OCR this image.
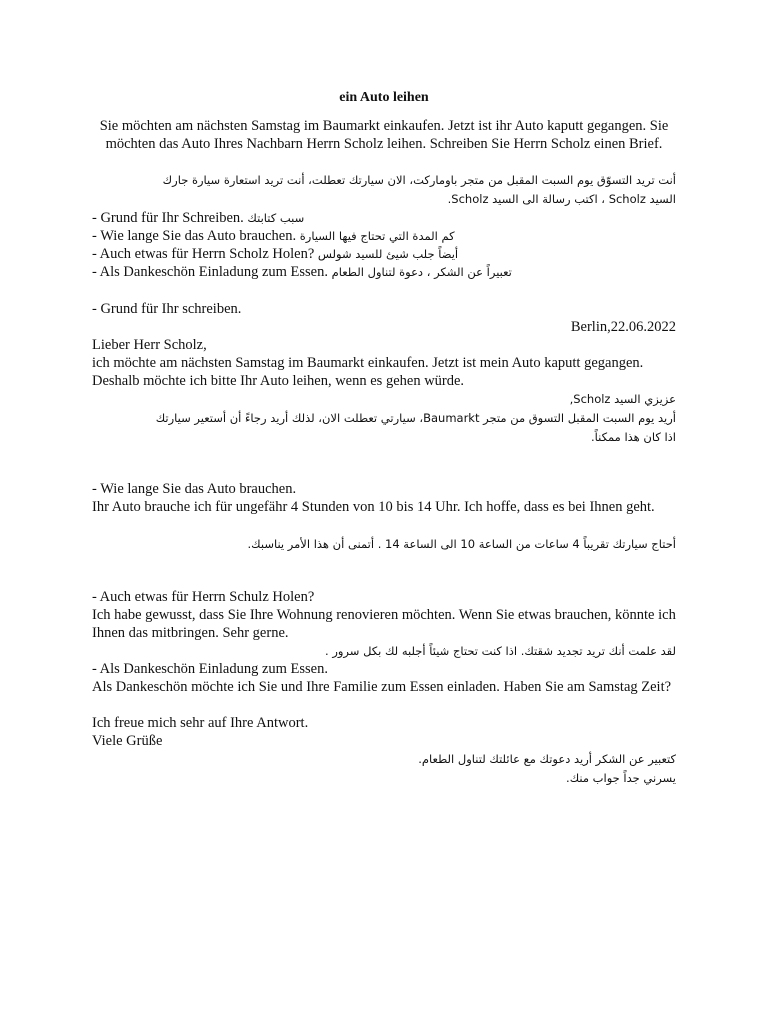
ein Auto leihen
Sie möchten am nächsten Samstag im Baumarkt einkaufen. Jetzt ist ihr Auto kaputt gegangen. Sie möchten das Auto Ihres Nachbarn Herrn Scholz leihen. Schreiben Sie Herrn Scholz einen Brief.
أنت تريد التسوّق يوم السبت المقبل من متجر باوماركت، الان سيارتك تعطلت، أنت تريد استعارة سيارة جارك
السيد Scholz ، اكتب رسالة الى السيد Scholz.
- Grund für Ihr Schreiben. سبب كتابتك
- Wie lange Sie das Auto brauchen. كم المدة التي تحتاج فيها السيارة
- Auch etwas für Herrn Scholz Holen? أيضاً جلب شيئ للسيد شولس
- Als Dankeschön Einladung zum Essen. تعبيراً عن الشكر ، دعوة لتناول الطعام
- Grund für Ihr schreiben.
Berlin,22.06.2022
Lieber Herr Scholz,
ich möchte am nächsten Samstag im Baumarkt einkaufen. Jetzt ist mein Auto kaputt gegangen. Deshalb möchte ich bitte Ihr Auto leihen, wenn es gehen würde.
عزيزي السيد Scholz,
أريد يوم السبت المقبل التسوق من متجر Baumarkt، سيارتي تعطلت الان، لذلك أريد رجاءً أن أستعير سيارتك
اذا كان هذا ممكناً.
- Wie lange Sie das Auto brauchen.
Ihr Auto brauche ich für ungefähr 4 Stunden von 10 bis 14 Uhr. Ich hoffe, dass es bei Ihnen geht.
أحتاج سيارتك تقريباً 4 ساعات من الساعة 10 الى الساعة 14 . أتمنى أن هذا الأمر يناسبك.
- Auch etwas für Herrn Schulz Holen?
Ich habe gewusst, dass Sie Ihre Wohnung renovieren möchten. Wenn Sie etwas brauchen, könnte ich Ihnen das mitbringen. Sehr gerne.
لقد علمت أنك تريد تجديد شقتك. اذا كنت تحتاج شيئاً أجلبه لك بكل سرور .
- Als Dankeschön Einladung zum Essen.
Als Dankeschön möchte ich Sie und Ihre Familie zum Essen einladen. Haben Sie am Samstag Zeit?
Ich freue mich sehr auf Ihre Antwort.
Viele Grüße
كتعبير عن الشكر أريد دعوتك مع عائلتك لتناول الطعام.
يسرني جداً جواب منك.
